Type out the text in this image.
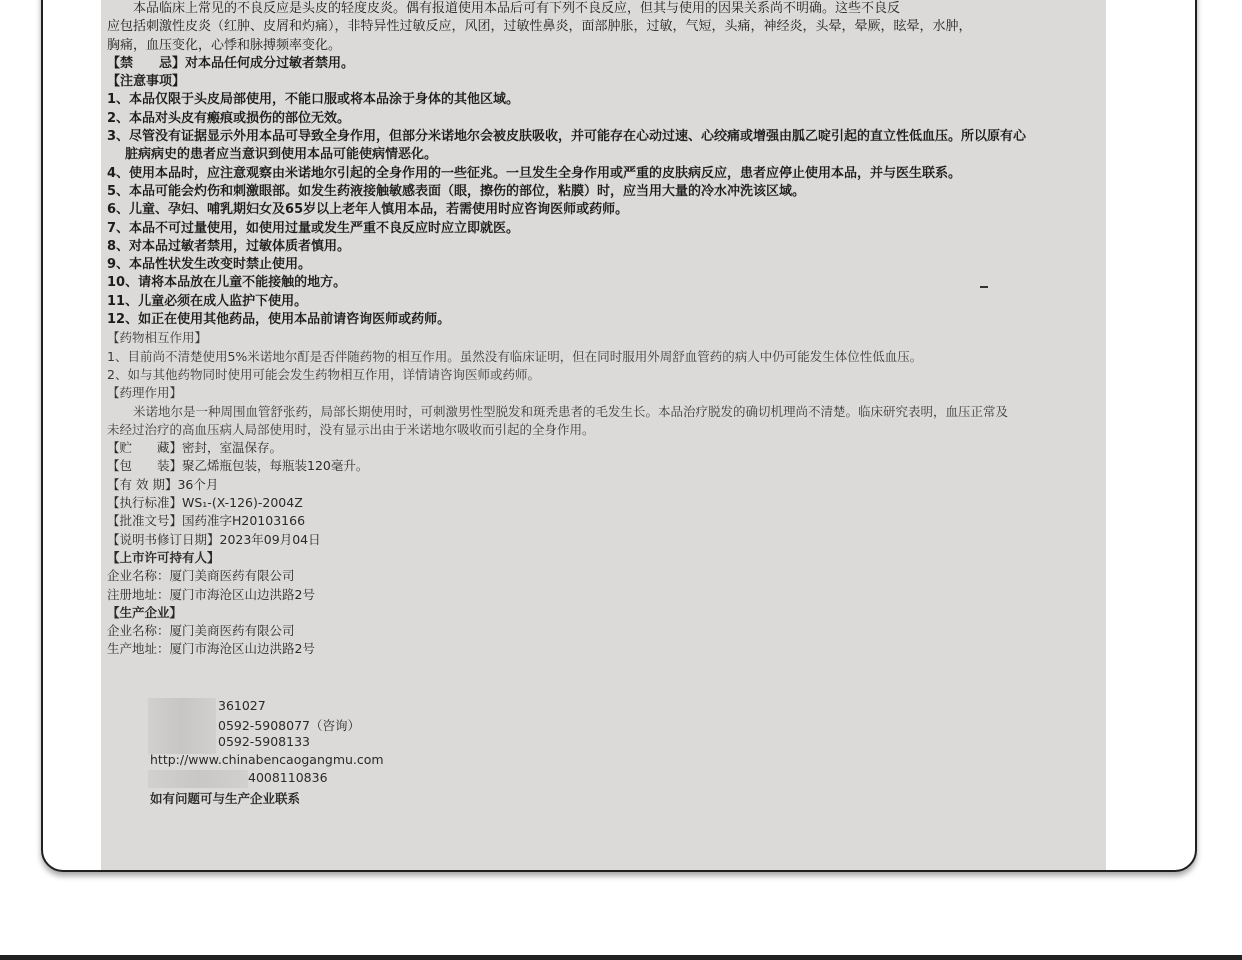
本品临床上常见的不良反应是头皮的轻度皮炎。偶有报道使用本品后可有下列不良反应，但其与使用的因果关系尚不明确。这些不良反

应包括刺激性皮炎（红肿、皮屑和灼痛），非特异性过敏反应，风团，过敏性鼻炎，面部肿胀，过敏，气短，头痛，神经炎，头晕，晕厥，眩晕，水肿，

胸痛，血压变化，心悸和脉搏频率变化。

【禁　　忌】对本品任何成分过敏者禁用。

【注意事项】

1、本品仅限于头皮局部使用，不能口服或将本品涂于身体的其他区域。

2、本品对头皮有瘢痕或损伤的部位无效。

3、尽管没有证据显示外用本品可导致全身作用，但部分米诺地尔会被皮肤吸收，并可能存在心动过速、心绞痛或增强由胍乙啶引起的直立性低血压。所以原有心脏病病史的患者应当意识到使用本品可能使病情恶化。

4、使用本品时，应注意观察由米诺地尔引起的全身作用的一些征兆。一旦发生全身作用或严重的皮肤病反应，患者应停止使用本品，并与医生联系。

5、本品可能会灼伤和刺激眼部。如发生药液接触敏感表面（眼，擦伤的部位，粘膜）时，应当用大量的冷水冲洗该区域。

6、儿童、孕妇、哺乳期妇女及65岁以上老年人慎用本品，若需使用时应咨询医师或药师。

7、本品不可过量使用，如使用过量或发生严重不良反应时应立即就医。

8、对本品过敏者禁用，过敏体质者慎用。

9、本品性状发生改变时禁止使用。

10、请将本品放在儿童不能接触的地方。

11、儿童必须在成人监护下使用。

12、如正在使用其他药品，使用本品前请咨询医师或药师。

【药物相互作用】

1、目前尚不清楚使用5%米诺地尔酊是否伴随药物的相互作用。虽然没有临床证明，但在同时服用外周舒血管药的病人中仍可能发生体位性低血压。

2、如与其他药物同时使用可能会发生药物相互作用，详情请咨询医师或药师。

【药理作用】

米诺地尔是一种周围血管舒张药，局部长期使用时，可刺激男性型脱发和斑秃患者的毛发生长。本品治疗脱发的确切机理尚不清楚。临床研究表明，血压正常及未经过治疗的高血压病人局部使用时，没有显示出由于米诺地尔吸收而引起的全身作用。

【贮　　藏】密封，室温保存。

【包　　装】聚乙烯瓶包装，每瓶装120毫升。

【有 效 期】36个月

【执行标准】WS₁-(X-126)-2004Z

【批准文号】国药准字H20103166

【说明书修订日期】2023年09月04日

【上市许可持有人】

企业名称：厦门美商医药有限公司

注册地址：厦门市海沧区山边洪路2号

【生产企业】

企业名称：厦门美商医药有限公司

生产地址：厦门市海沧区山边洪路2号

361027
0592-5908077（咨询）
0592-5908133
http://www.chinabencaogangmu.com
4008110836
如有问题可与生产企业联系
